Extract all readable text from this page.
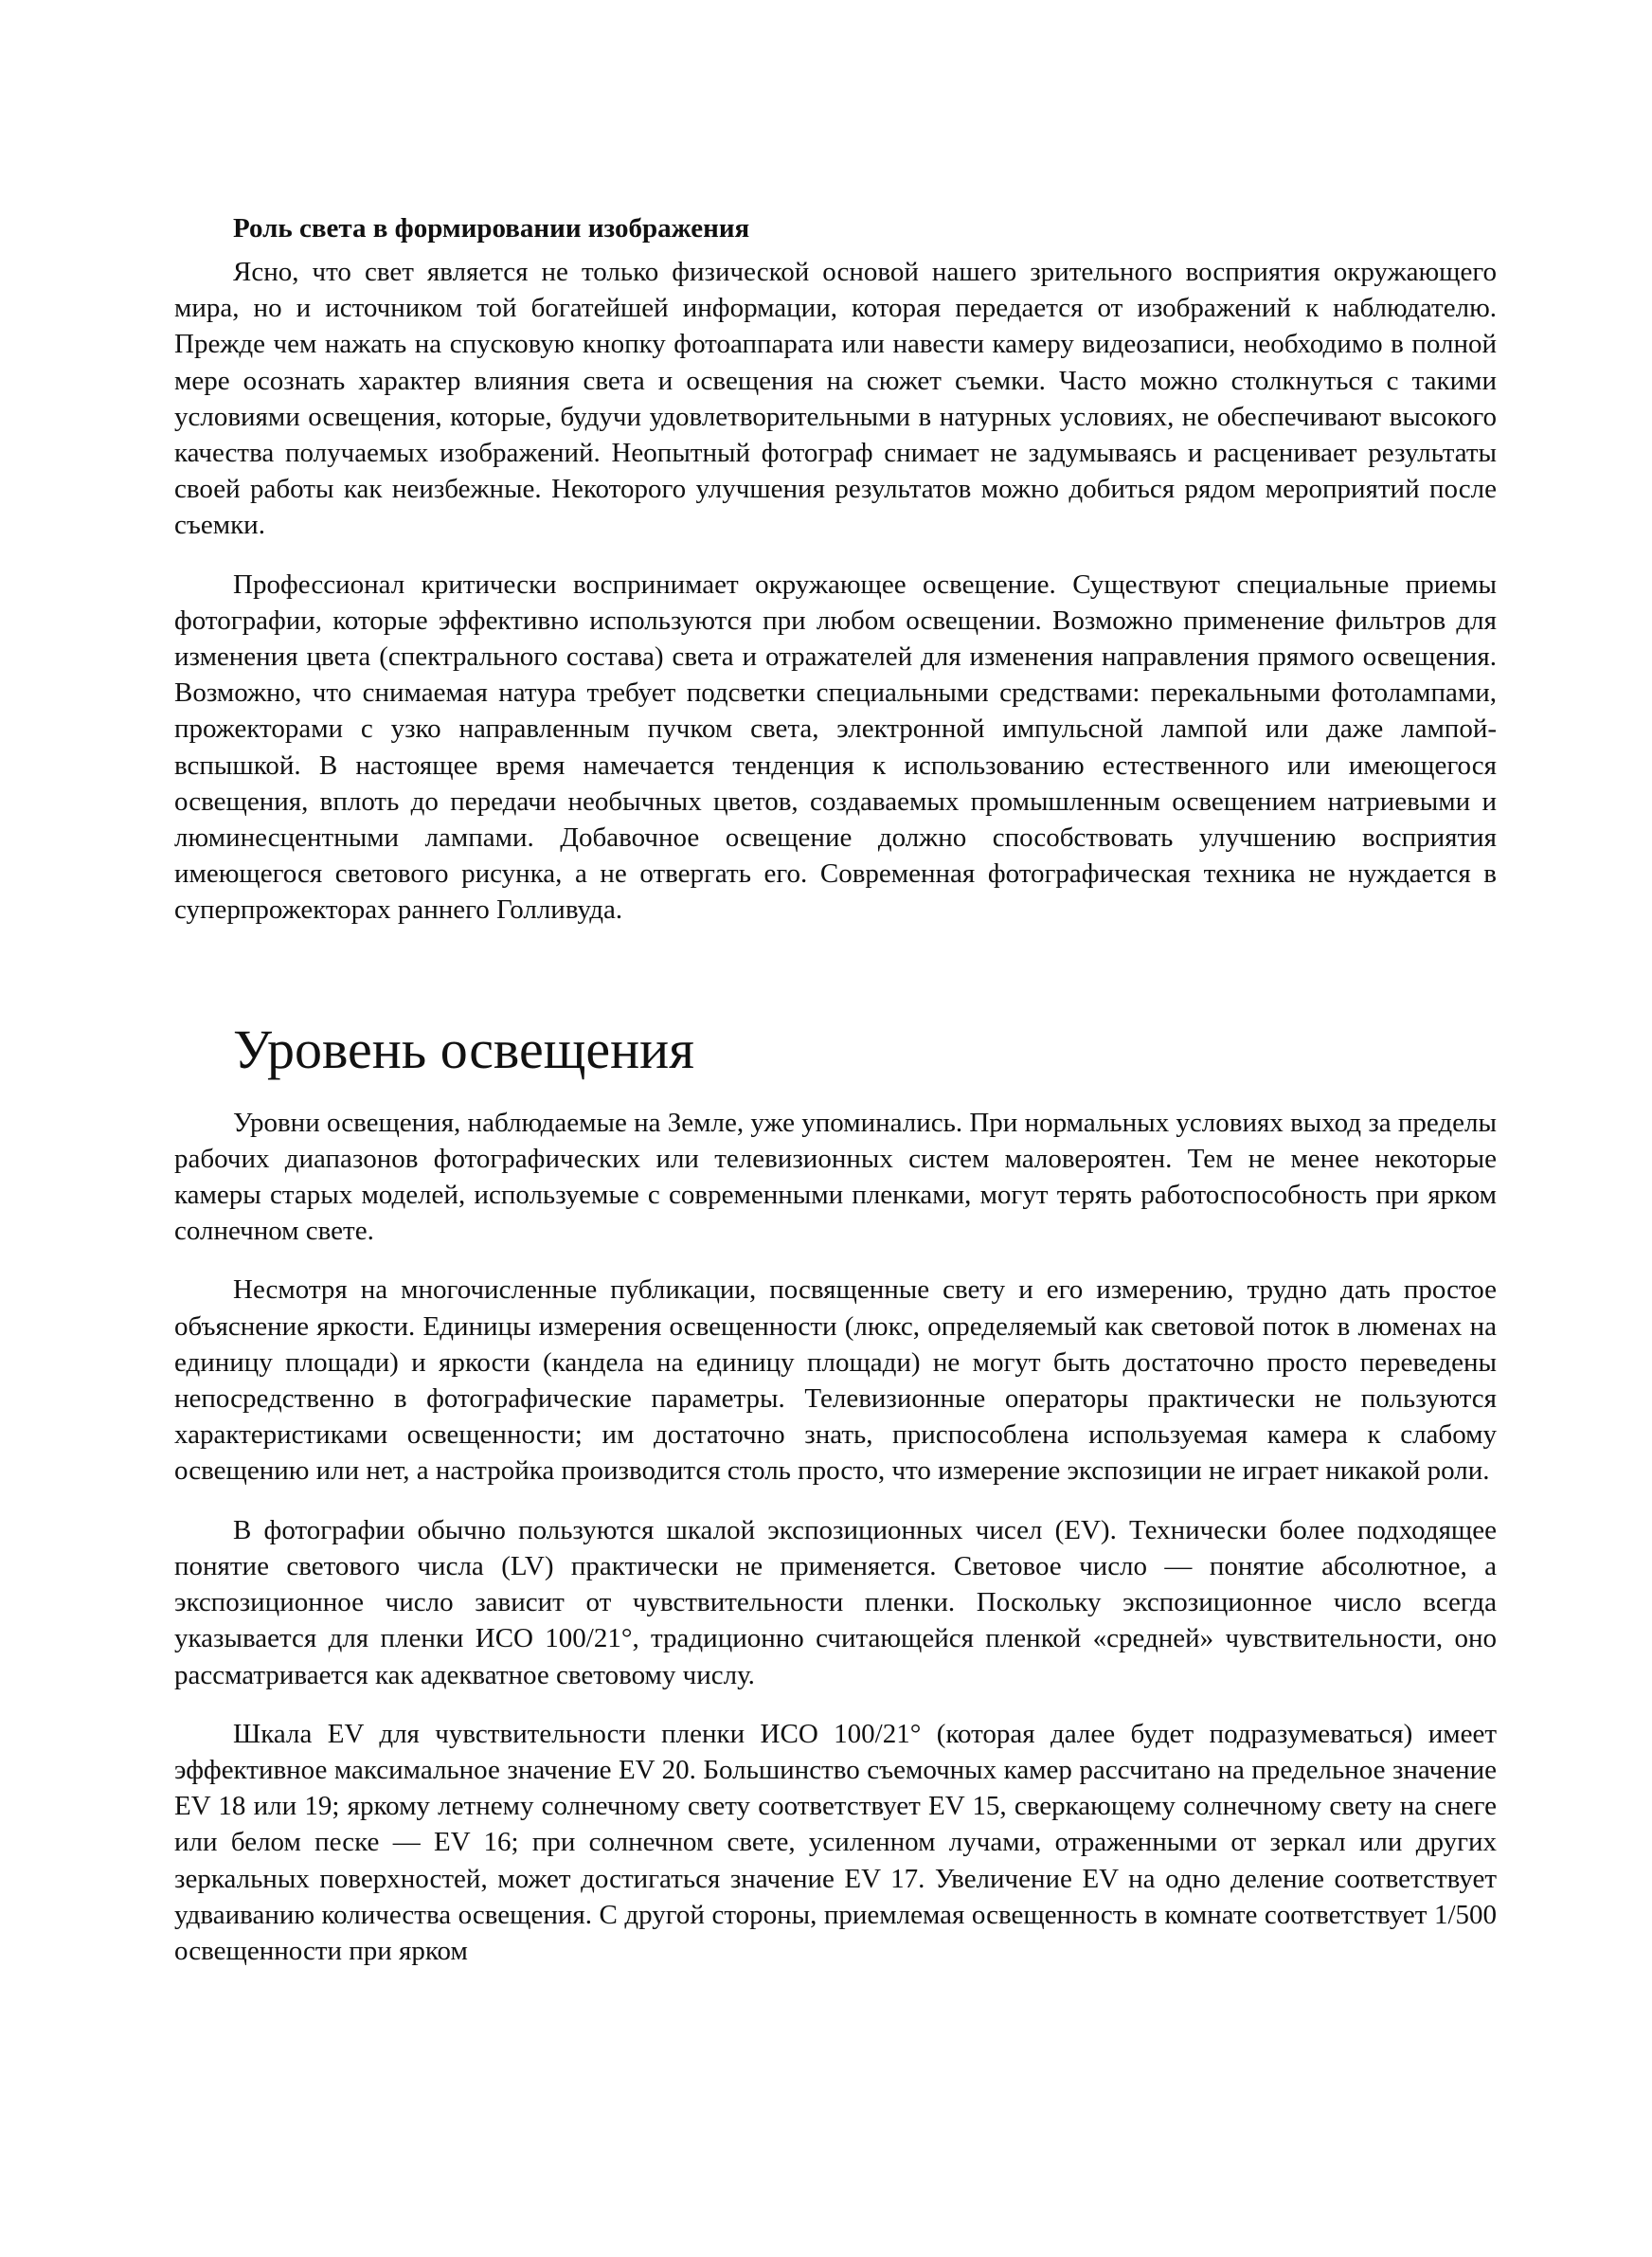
Роль света в формировании изображения

Ясно, что свет является не только физической основой нашего зрительного восприятия окружающего мира, но и источником той богатейшей информации, которая передается от изображений к наблюдателю. Прежде чем нажать на спусковую кнопку фотоаппарата или навести камеру видеозаписи, необходимо в полной мере осознать характер влияния света и освещения на сюжет съемки. Часто можно столкнуться с такими условиями освещения, которые, будучи удовлетворительными в натурных условиях, не обеспечивают высокого качества получаемых изображений. Неопытный фотограф снимает не задумываясь и расценивает результаты своей работы как неизбежные. Некоторого улучшения результатов можно добиться рядом мероприятий после съемки.

Профессионал критически воспринимает окружающее освещение. Существуют специальные приемы фотографии, которые эффективно используются при любом освещении. Возможно применение фильтров для изменения цвета (спектрального состава) света и отражателей для изменения направления прямого освещения. Возможно, что снимаемая натура требует подсветки специальными средствами: перекальными фотолампами, прожекторами с узко направленным пучком света, электронной импульсной лампой или даже лампой-вспышкой. В настоящее время намечается тенденция к использованию естественного или имеющегося освещения, вплоть до передачи необычных цветов, создаваемых промышленным освещением натриевыми и люминесцентными лампами. Добавочное освещение должно способствовать улучшению восприятия имеющегося светового рисунка, а не отвергать его. Современная фотографическая техника не нуждается в суперпрожекторах раннего Голливуда.

Уровень освещения

Уровни освещения, наблюдаемые на Земле, уже упоминались. При нормальных условиях выход за пределы рабочих диапазонов фотографических или телевизионных систем маловероятен. Тем не менее некоторые камеры старых моделей, используемые с современными пленками, могут терять работоспособность при ярком солнечном свете.

Несмотря на многочисленные публикации, посвященные свету и его измерению, трудно дать простое объяснение яркости. Единицы измерения освещенности (люкс, определяемый как световой поток в люменах на единицу площади) и яркости (кандела на единицу площади) не могут быть достаточно просто переведены непосредственно в фотографические параметры. Телевизионные операторы практически не пользуются характеристиками освещенности; им достаточно знать, приспособлена используемая камера к слабому освещению или нет, а настройка производится столь просто, что измерение экспозиции не играет никакой роли.

В фотографии обычно пользуются шкалой экспозиционных чисел (EV). Технически более подходящее понятие светового числа (LV) практически не применяется. Световое число — понятие абсолютное, а экспозиционное число зависит от чувствительности пленки. Поскольку экспозиционное число всегда указывается для пленки ИСО 100/21°, традиционно считающейся пленкой «средней» чувствительности, оно рассматривается как адекватное световому числу.

Шкала EV для чувствительности пленки ИСО 100/21° (которая далее будет подразумеваться) имеет эффективное максимальное значение EV 20. Большинство съемочных камер рассчитано на предельное значение EV 18 или 19; яркому летнему солнечному свету соответствует EV 15, сверкающему солнечному свету на снеге или белом песке — EV 16; при солнечном свете, усиленном лучами, отраженными от зеркал или других зеркальных поверхностей, может достигаться значение EV 17. Увеличение EV на одно деление соответствует удваиванию количества освещения. С другой стороны, приемлемая освещенность в комнате соответствует 1/500 освещенности при ярком
